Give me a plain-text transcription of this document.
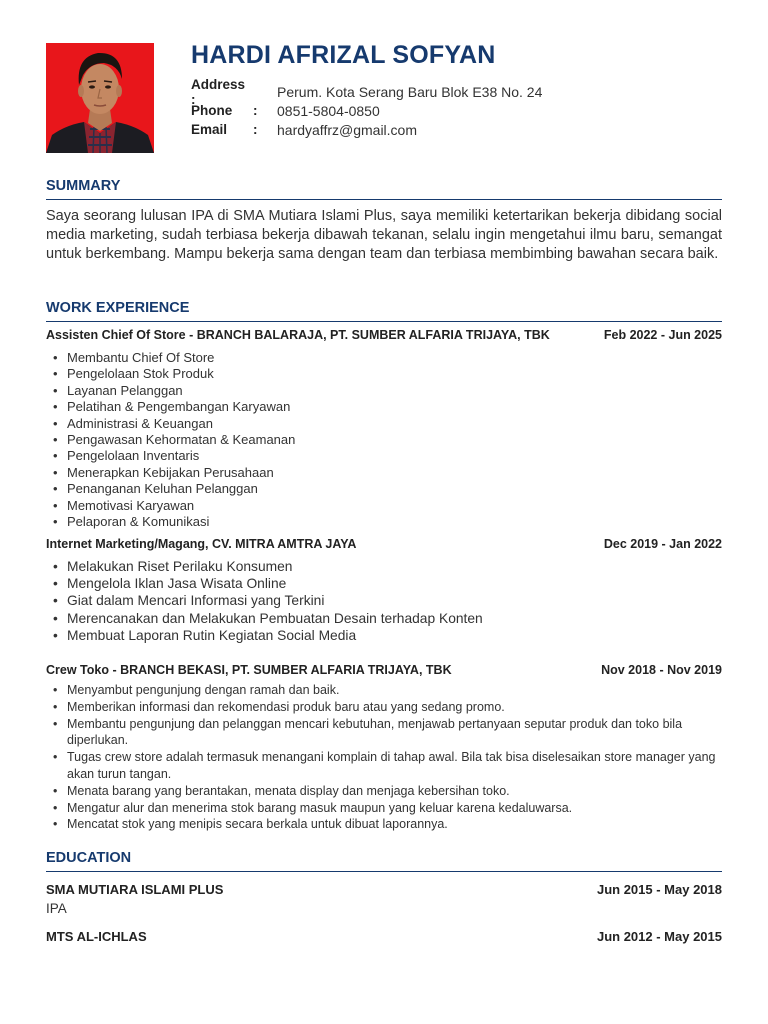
HARDI AFRIZAL SOFYAN
Address :	Perum. Kota Serang Baru Blok E38 No. 24
Phone	:	0851-5804-0850
Email	:	hardyaffrz@gmail.com
SUMMARY
Saya seorang lulusan IPA di SMA Mutiara Islami Plus, saya memiliki ketertarikan bekerja dibidang social media marketing, sudah terbiasa bekerja dibawah tekanan, selalu ingin mengetahui ilmu baru, semangat untuk berkembang. Mampu bekerja sama dengan team dan terbiasa membimbing bawahan secara baik.
WORK EXPERIENCE
Assisten Chief Of Store - BRANCH BALARAJA, PT. SUMBER ALFARIA TRIJAYA, TBK	Feb 2022 - Jun 2025
• Membantu Chief Of Store
• Pengelolaan Stok Produk
• Layanan Pelanggan
• Pelatihan & Pengembangan Karyawan
• Administrasi & Keuangan
• Pengawasan Kehormatan & Keamanan
• Pengelolaan Inventaris
• Menerapkan Kebijakan Perusahaan
• Penanganan Keluhan Pelanggan
• Memotivasi Karyawan
• Pelaporan & Komunikasi
Internet Marketing/Magang, CV. MITRA AMTRA JAYA	Dec 2019 - Jan 2022
• Melakukan Riset Perilaku Konsumen
• Mengelola Iklan Jasa Wisata Online
• Giat dalam Mencari Informasi yang Terkini
• Merencanakan dan Melakukan Pembuatan Desain terhadap Konten
• Membuat Laporan Rutin Kegiatan Social Media
Crew Toko - BRANCH BEKASI, PT. SUMBER ALFARIA TRIJAYA, TBK	Nov 2018 - Nov 2019
• Menyambut pengunjung dengan ramah dan baik.
• Memberikan informasi dan rekomendasi produk baru atau yang sedang promo.
• Membantu pengunjung dan pelanggan mencari kebutuhan, menjawab pertanyaan seputar produk dan toko bila diperlukan.
• Tugas crew store adalah termasuk menangani komplain di tahap awal. Bila tak bisa diselesaikan store manager yang akan turun tangan.
• Menata barang yang berantakan, menata display dan menjaga kebersihan toko.
• Mengatur alur dan menerima stok barang masuk maupun yang keluar karena kedaluwarsa.
• Mencatat stok yang menipis secara berkala untuk dibuat laporannya.
EDUCATION
SMA MUTIARA ISLAMI PLUS	Jun 2015 - May 2018
IPA
MTS AL-ICHLAS	Jun 2012 - May 2015
